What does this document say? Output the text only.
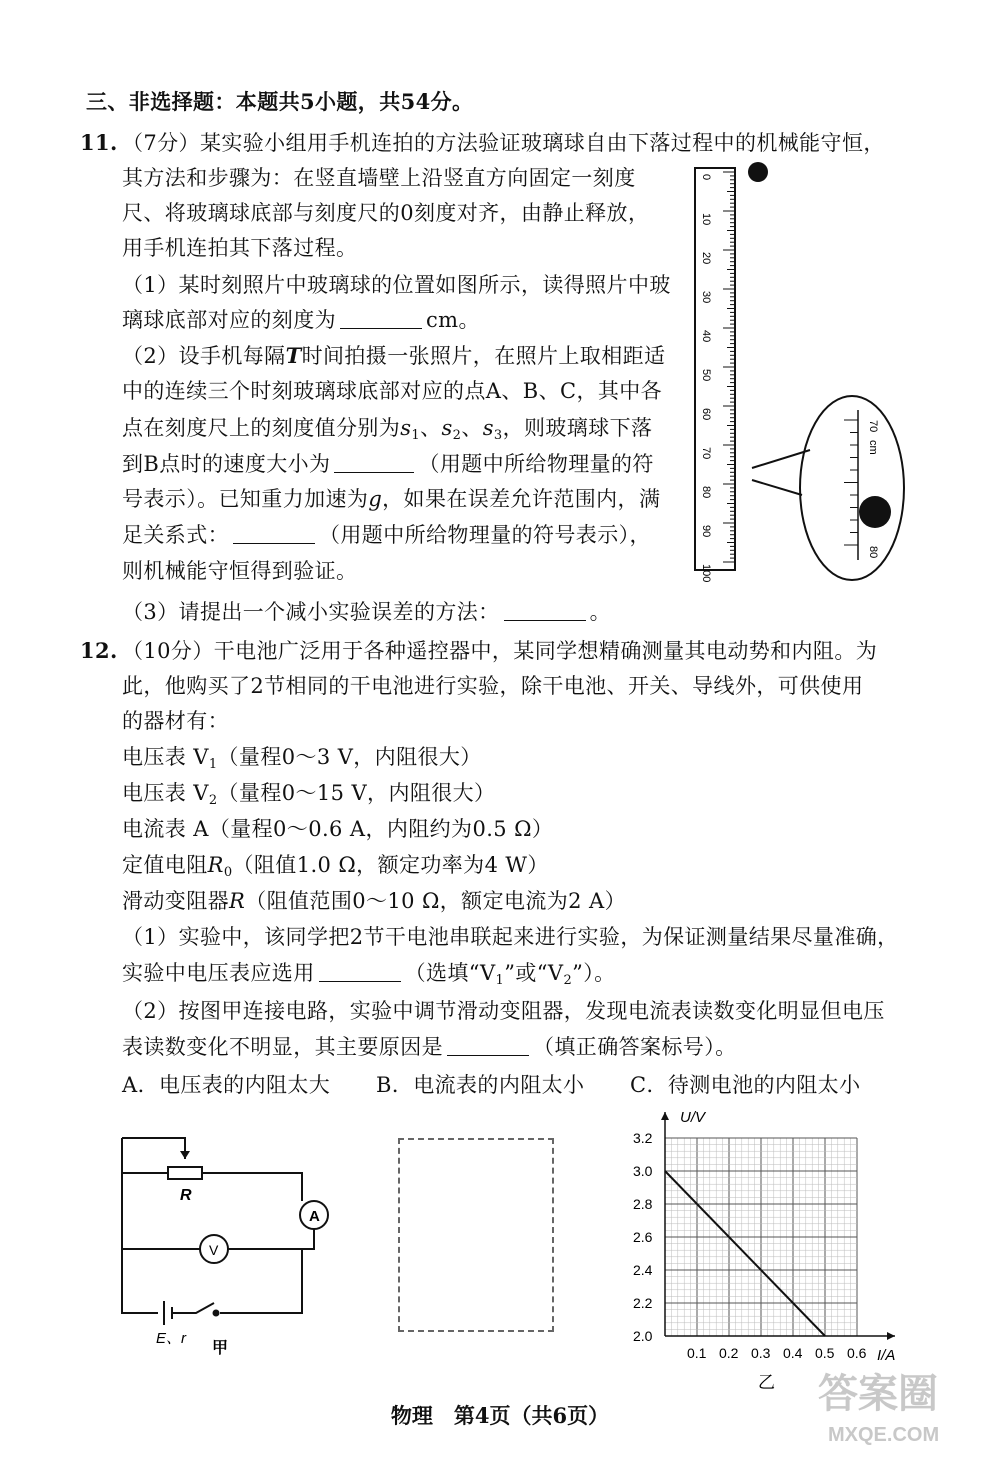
三、非选择题：本题共5小题，共54分。
11. （7分）某实验小组用手机连拍的方法验证玻璃球自由下落过程中的机械能守恒，
其方法和步骤为：在竖直墙壁上沿竖直方向固定一刻度
尺、将玻璃球底部与刻度尺的0刻度对齐，由静止释放，
用手机连拍其下落过程。
（1）某时刻照片中玻璃球的位置如图所示，读得照片中玻
璃球底部对应的刻度为	cm。
（2）设手机每隔T时间拍摄一张照片，在照片上取相距适
中的连续三个时刻玻璃球底部对应的点A、B、C，其中各
点在刻度尺上的刻度值分别为$s_1$、$s_2$、$s_3$，则玻璃球下落
到B点时的速度大小为	（用题中所给物理量的符
号表示）。已知重力加速为g，如果在误差允许范围内，满
足关系式：	（用题中所给物理量的符号表示），
则机械能守恒得到验证。
（3）请提出一个减小实验误差的方法：	。
0
10
20
30
40
50
60
70
80
90
100
70
cm
80
12. （10分）干电池广泛用于各种遥控器中，某同学想精确测量其电动势和内阻。为
此，他购买了2节相同的干电池进行实验，除干电池、开关、导线外，可供使用
的器材有：
电压表 $V_1$（量程0～3 V，内阻很大）
电压表 $V_2$（量程0～15 V，内阻很大）
电流表 A（量程0～0.6 A，内阻约为0.5 Ω）
定值电阻$R_0$（阻值1.0 Ω，额定功率为4 W）
滑动变阻器R（阻值范围0～10 Ω，额定电流为2 A）
（1）实验中，该同学把2节干电池串联起来进行实验，为保证测量结果尽量准确，
实验中电压表应选用	（选填“$V_1$”或“$V_2$”）。
（2）按图甲连接电路，实验中调节滑动变阻器，发现电流表读数变化明显但电压
表读数变化不明显，其主要原因是	（填正确答案标号）。
A．电压表的内阻太大 B．电流表的内阻太小 C．待测电池的内阻太小
R
A
V
E、r
甲	0.1 0.2 0.3 0.4 0.5 0.6
2.0
2.2
2.4
2.6
2.8
3.0
3.2
U/V
I/A
乙
物理　第4页（共6页）	答案圈
MXQE.COM
